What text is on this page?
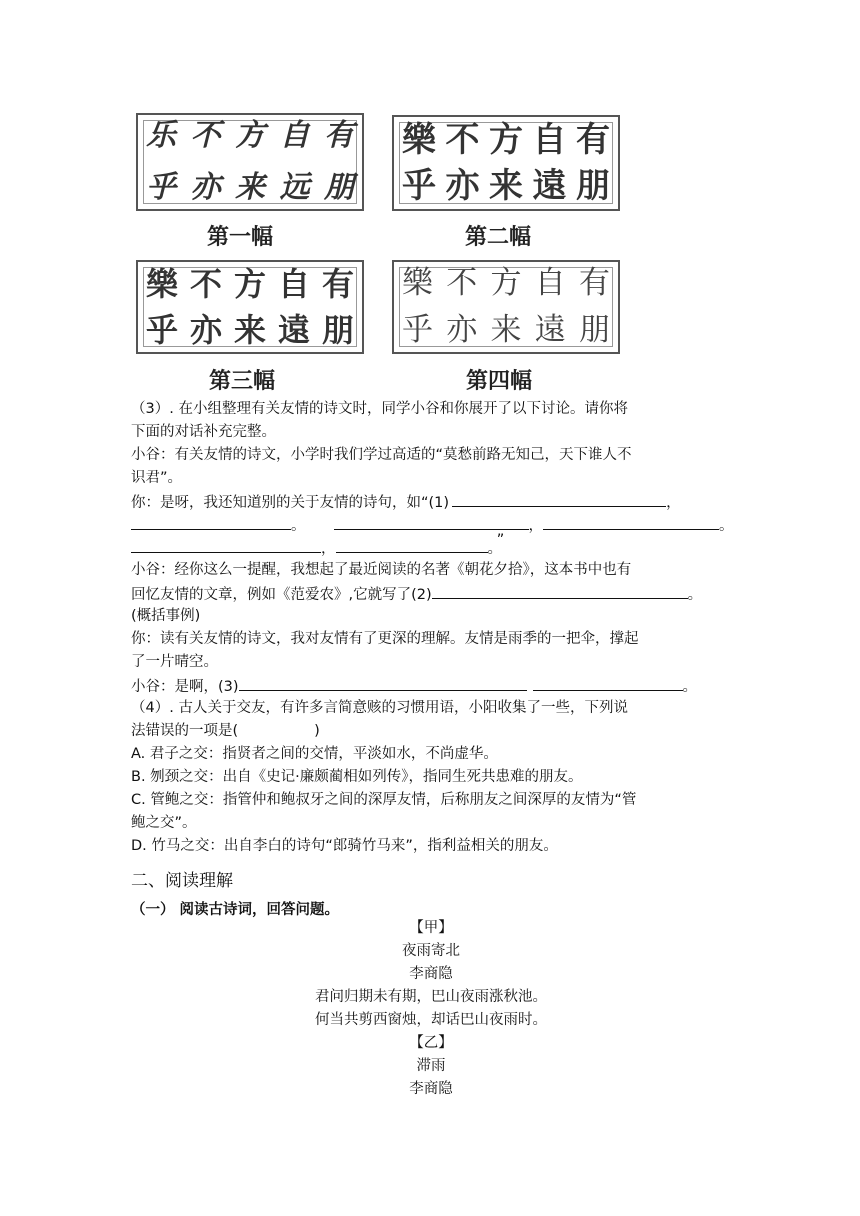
有
朋
自
远
方
来
不
亦
乐
乎
第一幅
有
朋
自
遠
方
来
不
亦
樂
乎
第二幅
有
朋
自
遠
方
来
不
亦
樂
乎
第三幅
有
朋
自
遠
方
来
不
亦
樂
乎
第四幅
（3）. 在小组整理有关友情的诗文时，同学小谷和你展开了以下讨论。请你将
下面的对话补充完整。
小谷：有关友情的诗文，小学时我们学过高适的“莫愁前路无知己，天下谁人不
识君”。
你：是呀，我还知道别的关于友情的诗句，如“(1)	，
。	，	。
，	。”
小谷：经你这么一提醒，我想起了最近阅读的名著《朝花夕拾》，这本书中也有
回忆友情的文章，例如《范爱农》,它就写了(2)	。
(概括事例)
你：读有关友情的诗文，我对友情有了更深的理解。友情是雨季的一把伞，撑起
了一片晴空。
小谷：是啊，(3)	。
（4）. 古人关于交友，有许多言简意赅的习惯用语，小阳收集了一些，下列说
法错误的一项是(	)
A. 君子之交：指贤者之间的交情，平淡如水，不尚虚华。
B. 刎颈之交：出自《史记·廉颇蔺相如列传》，指同生死共患难的朋友。
C. 管鲍之交：指管仲和鲍叔牙之间的深厚友情，后称朋友之间深厚的友情为“管
鲍之交”。
D. 竹马之交：出自李白的诗句“郎骑竹马来”，指利益相关的朋友。
二、阅读理解
（一） 阅读古诗词，回答问题。
【甲】
夜雨寄北
李商隐
君问归期未有期，巴山夜雨涨秋池。
何当共剪西窗烛，却话巴山夜雨时。
【乙】
滞雨
李商隐
